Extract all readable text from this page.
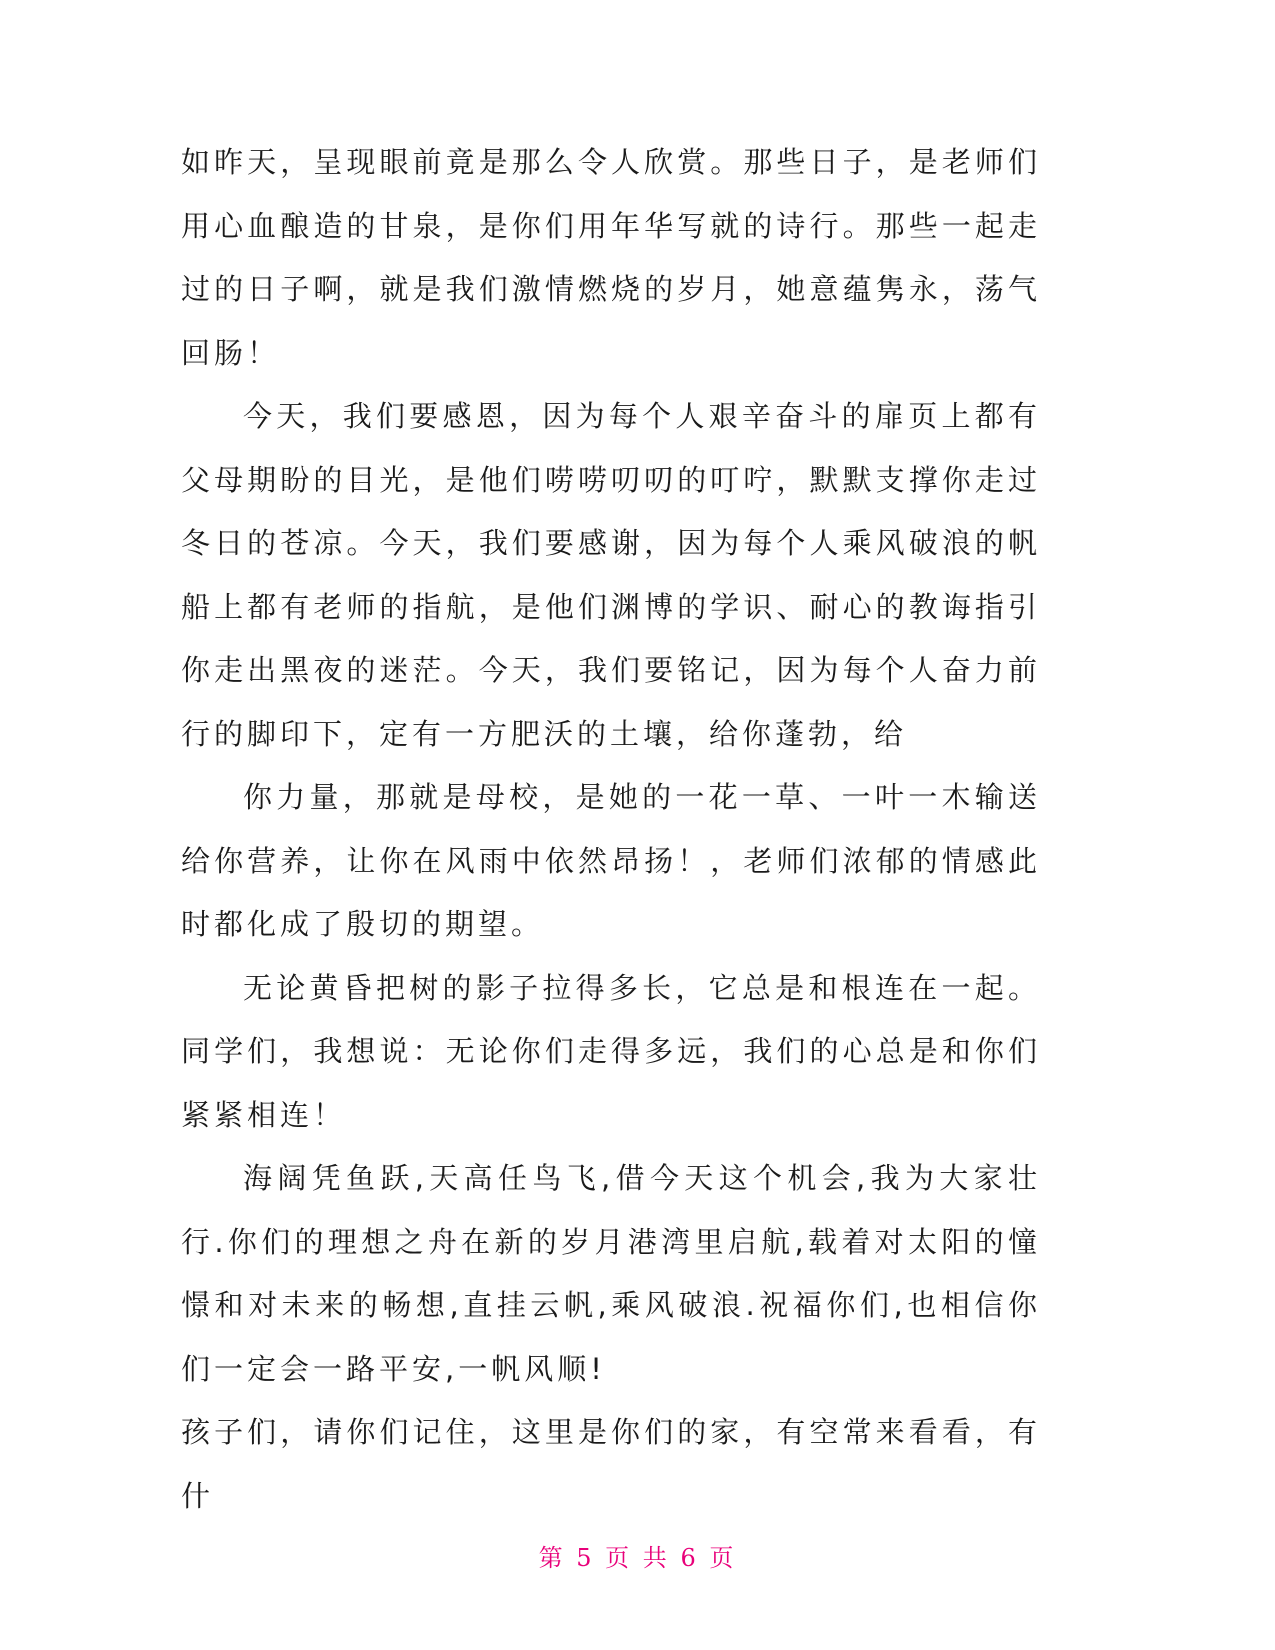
如昨天，呈现眼前竟是那么令人欣赏。那些日子，是老师们用心血酿造的甘泉，是你们用年华写就的诗行。那些一起走过的日子啊，就是我们激情燃烧的岁月，她意蕴隽永，荡气回肠！

今天，我们要感恩，因为每个人艰辛奋斗的扉页上都有父母期盼的目光，是他们唠唠叨叨的叮咛，默默支撑你走过冬日的苍凉。今天，我们要感谢，因为每个人乘风破浪的帆船上都有老师的指航，是他们渊博的学识、耐心的教诲指引你走出黑夜的迷茫。今天，我们要铭记，因为每个人奋力前行的脚印下，定有一方肥沃的土壤，给你蓬勃，给

你力量，那就是母校，是她的一花一草、一叶一木输送给你营养，让你在风雨中依然昂扬！，老师们浓郁的情感此时都化成了殷切的期望。

无论黄昏把树的影子拉得多长，它总是和根连在一起。同学们，我想说：无论你们走得多远，我们的心总是和你们紧紧相连！

海阔凭鱼跃,天高任鸟飞,借今天这个机会,我为大家壮行.你们的理想之舟在新的岁月港湾里启航,载着对太阳的憧憬和对未来的畅想,直挂云帆,乘风破浪.祝福你们,也相信你们一定会一路平安,一帆风顺!

孩子们，请你们记住，这里是你们的家，有空常来看看，有什

第 5 页 共 6 页
